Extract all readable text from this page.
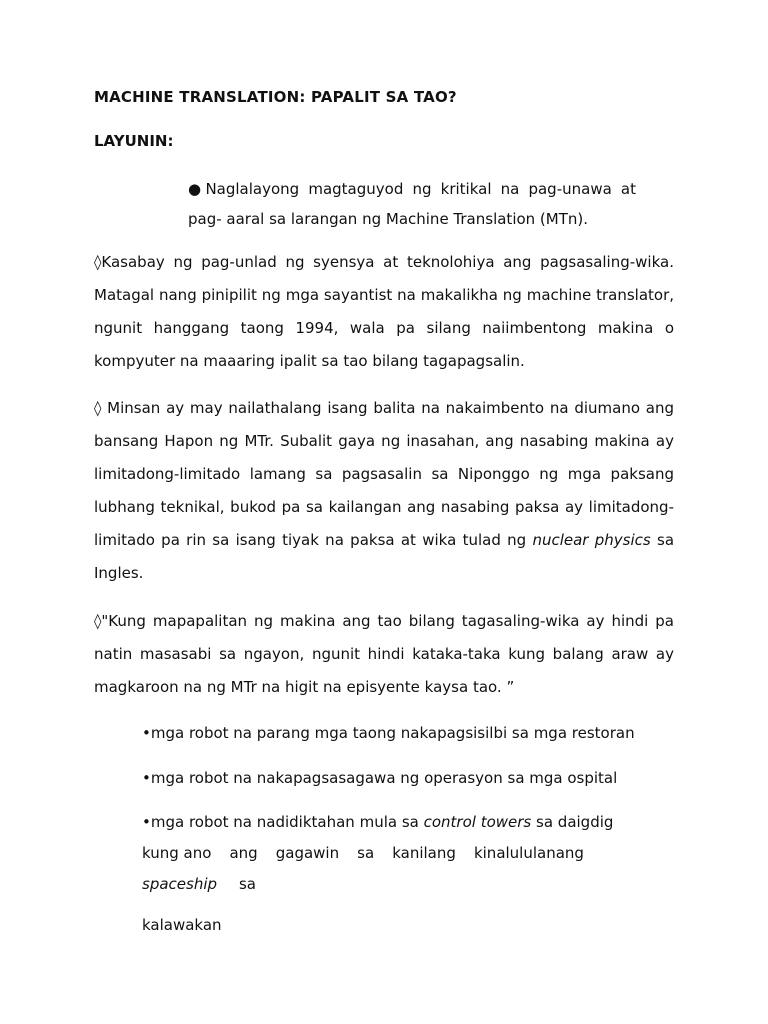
MACHINE TRANSLATION: PAPALIT SA TAO?
LAYUNIN:
●Naglalayong magtaguyod ng kritikal na pag-unawa at pag- aaral sa larangan ng Machine Translation (MTn).
◊Kasabay ng pag-unlad ng syensya at teknolohiya ang pagsasaling-wika. Matagal nang pinipilit ng mga sayantist na makalikha ng machine translator, ngunit hanggang taong 1994, wala pa silang naiimbentong makina o kompyuter na maaaring ipalit sa tao bilang tagapagsalin.
◊ Minsan ay may nailathalang isang balita na nakaimbento na diumano ang bansang Hapon ng MTr. Subalit gaya ng inasahan, ang nasabing makina ay limitadong-limitado lamang sa pagsasalin sa Niponggo ng mga paksang lubhang teknikal, bukod pa sa kailangan ang nasabing paksa ay limitadong-limitado pa rin sa isang tiyak na paksa at wika tulad ng nuclear physics sa Ingles.
◊"Kung mapapalitan ng makina ang tao bilang tagasaling-wika ay hindi pa natin masasabi sa ngayon, ngunit hindi kataka-taka kung balang araw ay magkaroon na ng MTr na higit na episyente kaysa tao. ”
•mga robot na parang mga taong nakapagsisilbi sa mga restoran
•mga robot na nakapagsasagawa ng operasyon sa mga ospital
•mga robot na nadidiktahan mula sa control towers sa daigdig
kung ano ang gagawin sa kanilang kinalululanang
spaceship sa
kalawakan
